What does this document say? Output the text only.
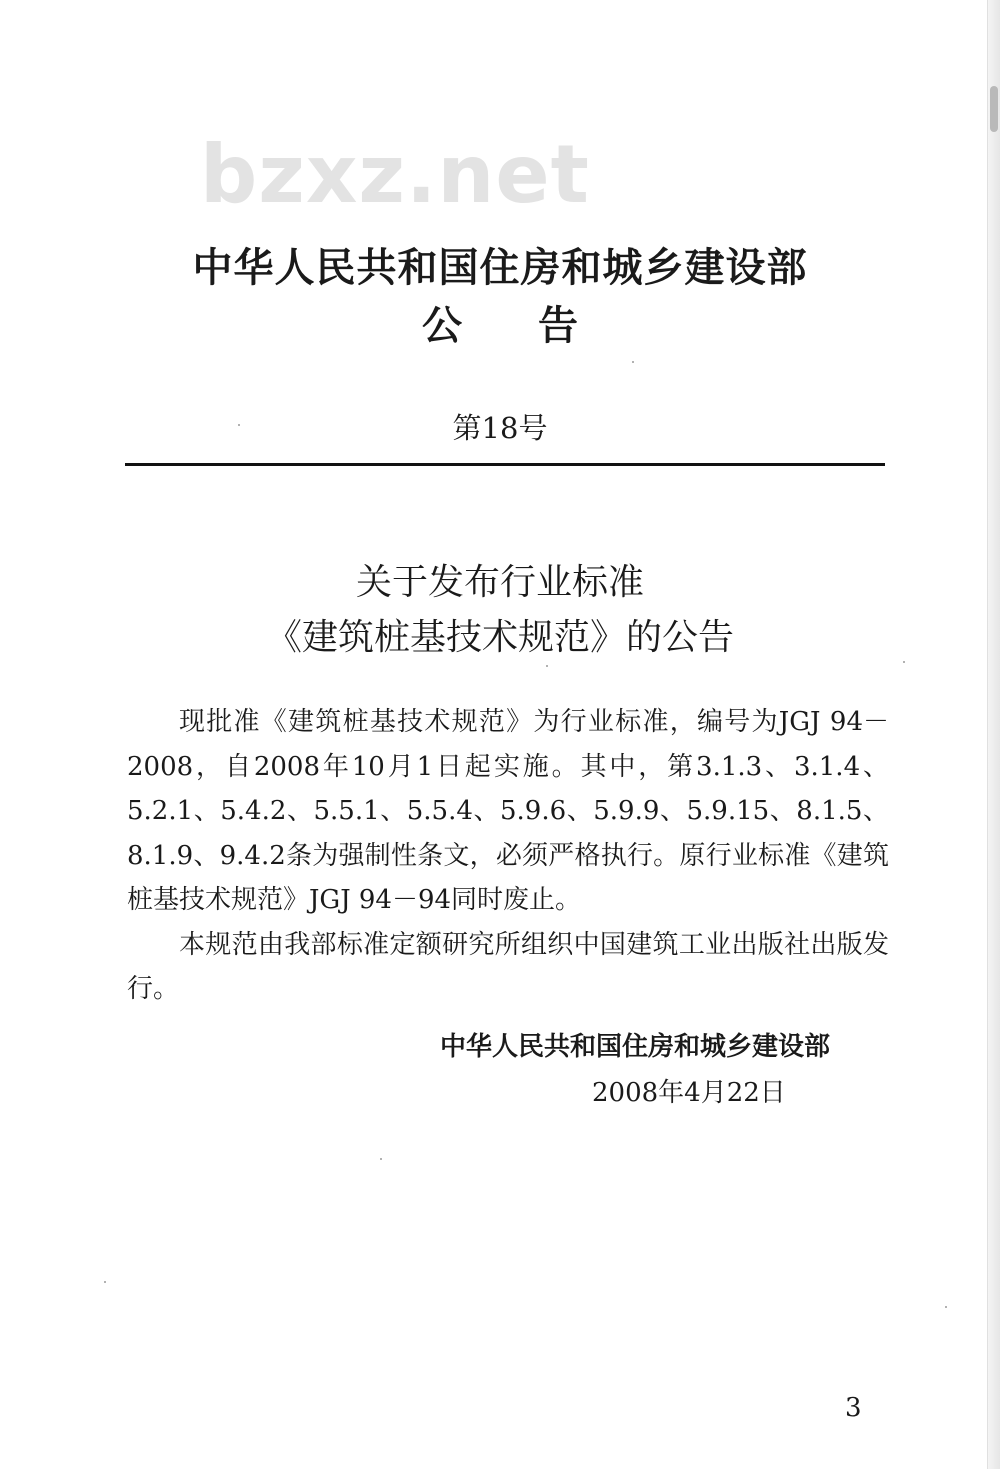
bzxz.net
中华人民共和国住房和城乡建设部
公告
第18号
关于发布行业标准
《建筑桩基技术规范》的公告

现批准《建筑桩基技术规范》为行业标准，编号为JGJ 94－2008，自2008年10月1日起实施。其中，第3.1.3、3.1.4、5.2.1、5.4.2、5.5.1、5.5.4、5.9.6、5.9.9、5.9.15、8.1.5、8.1.9、9.4.2条为强制性条文，必须严格执行。原行业标准《建筑桩基技术规范》JGJ 94－94同时废止。

本规范由我部标准定额研究所组织中国建筑工业出版社出版发行。

中华人民共和国住房和城乡建设部
2008年4月22日
3
